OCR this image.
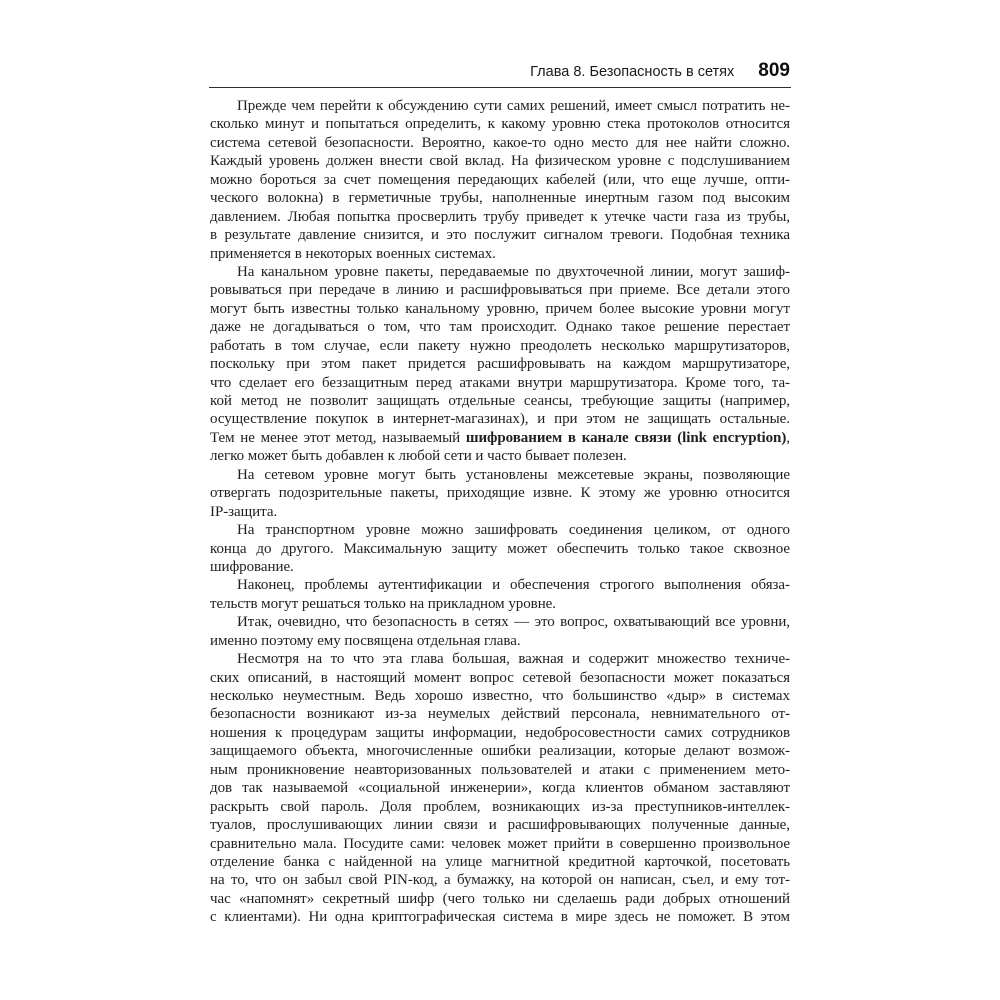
Глава 8. Безопасность в сетях 809
Прежде чем перейти к обсуждению сути самих решений, имеет смысл потратить не-
сколько минут и попытаться определить, к какому уровню стека протоколов относится
система сетевой безопасности. Вероятно, какое-то одно место для нее найти сложно.
Каждый уровень должен внести свой вклад. На физическом уровне с подслушиванием
можно бороться за счет помещения передающих кабелей (или, что еще лучше, опти-
ческого волокна) в герметичные трубы, наполненные инертным газом под высоким
давлением. Любая попытка просверлить трубу приведет к утечке части газа из трубы,
в результате давление снизится, и это послужит сигналом тревоги. Подобная техника
применяется в некоторых военных системах.
На канальном уровне пакеты, передаваемые по двухточечной линии, могут зашиф-
ровываться при передаче в линию и расшифровываться при приеме. Все детали этого
могут быть известны только канальному уровню, причем более высокие уровни могут
даже не догадываться о том, что там происходит. Однако такое решение перестает
работать в том случае, если пакету нужно преодолеть несколько маршрутизаторов,
поскольку при этом пакет придется расшифровывать на каждом маршрутизаторе,
что сделает его беззащитным перед атаками внутри маршрутизатора. Кроме того, та-
кой метод не позволит защищать отдельные сеансы, требующие защиты (например,
осуществление покупок в интернет-магазинах), и при этом не защищать остальные.
Тем не менее этот метод, называемый шифрованием в канале связи (link encryption),
легко может быть добавлен к любой сети и часто бывает полезен.
На сетевом уровне могут быть установлены межсетевые экраны, позволяющие
отвергать подозрительные пакеты, приходящие извне. К этому же уровню относится
IP-защита.
На транспортном уровне можно зашифровать соединения целиком, от одного
конца до другого. Максимальную защиту может обеспечить только такое сквозное
шифрование.
Наконец, проблемы аутентификации и обеспечения строгого выполнения обяза-
тельств могут решаться только на прикладном уровне.
Итак, очевидно, что безопасность в сетях — это вопрос, охватывающий все уровни,
именно поэтому ему посвящена отдельная глава.
Несмотря на то что эта глава большая, важная и содержит множество техниче-
ских описаний, в настоящий момент вопрос сетевой безопасности может показаться
несколько неуместным. Ведь хорошо известно, что большинство «дыр» в системах
безопасности возникают из-за неумелых действий персонала, невнимательного от-
ношения к процедурам защиты информации, недобросовестности самих сотрудников
защищаемого объекта, многочисленные ошибки реализации, которые делают возмож-
ным проникновение неавторизованных пользователей и атаки с применением мето-
дов так называемой «социальной инженерии», когда клиентов обманом заставляют
раскрыть свой пароль. Доля проблем, возникающих из-за преступников-интеллек-
туалов, прослушивающих линии связи и расшифровывающих полученные данные,
сравнительно мала. Посудите сами: человек может прийти в совершенно произвольное
отделение банка с найденной на улице магнитной кредитной карточкой, посетовать
на то, что он забыл свой PIN-код, а бумажку, на которой он написан, съел, и ему тот-
час «напомнят» секретный шифр (чего только ни сделаешь ради добрых отношений
с клиентами). Ни одна криптографическая система в мире здесь не поможет. В этом
